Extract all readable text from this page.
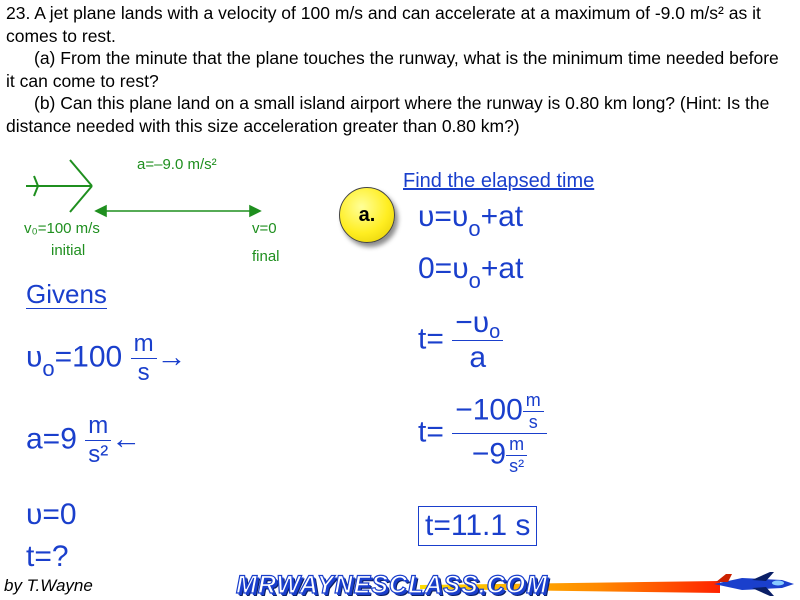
23. A jet plane lands with a velocity of 100 m/s and can accelerate at a maximum of -9.0 m/s² as it comes to rest.

(a) From the minute that the plane touches the runway, what is the minimum time needed before it can come to rest?

(b) Can this plane land on a small island airport where the runway is 0.80 km long? (Hint: Is the distance needed with this size acceleration greater than 0.80 km?)

a=–9.0 m/s²
v₀=100 m/s
initial
v=0
final
Givens
$\upsilon_o=100 \frac{m}{s}$ →
$a=9 \frac{m}{\text{s²}}$ ←
υ=0
t=?
a.
Find the elapsed time
$\upsilon=\upsilon_o+at$
$0=\upsilon_o+at$
$t= \frac{-\upsilon_o}{a}$
$t= \frac{-100 \frac{m}{s}}{-9 \frac{m}{\text{s²}}}$
t=11.1 s
by T.Wayne	MRWAYNESCLASS.COM
